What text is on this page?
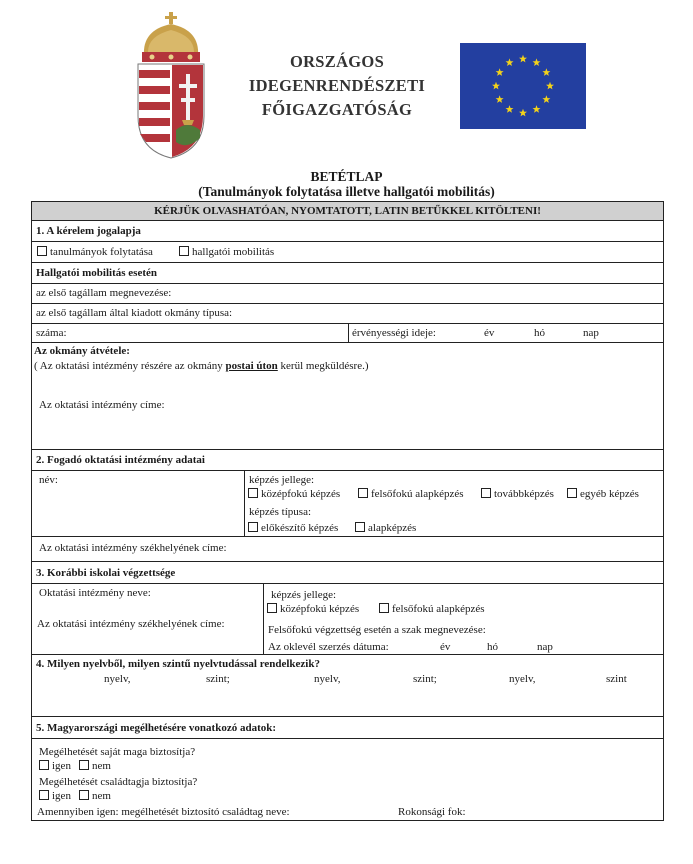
ORSZÁGOS
IDEGENRENDÉSZETI
FŐIGAZGATÓSÁG
BETÉTLAP
(Tanulmányok folytatása illetve hallgatói mobilitás)
KÉRJÜK OLVASHATÓAN, NYOMTATOTT, LATIN BETŰKKEL KITÖLTENI!
1. A kérelem jogalapja
tanulmányok folytatása	hallgatói mobilitás
Hallgatói mobilitás esetén
az első tagállam megnevezése:
az első tagállam által kiadott okmány típusa:
száma:	érvényességi ideje:	év	hó	nap
Az okmány átvétele:
( Az oktatási intézmény részére az okmány postai úton kerül megküldésre.)
Az oktatási intézmény címe:
2. Fogadó oktatási intézmény adatai
név:	képzés jellege:
középfokú képzés	felsőfokú alapképzés	továbbképzés	egyéb képzés
képzés típusa:
előkészítő képzés	alapképzés
Az oktatási intézmény székhelyének címe:
3. Korábbi iskolai végzettsége
Oktatási intézmény neve:
Az oktatási intézmény székhelyének címe:
képzés jellege:
középfokú képzés	felsőfokú alapképzés
Felsőfokú végzettség esetén a szak megnevezése:
Az oklevél szerzés dátuma:	év	hó	nap
4. Milyen nyelvből, milyen szintű nyelvtudással rendelkezik?
nyelv,	szint;	nyelv,	szint;	nyelv,	szint
5. Magyarországi megélhetésére vonatkozó adatok:
Megélhetését saját maga biztosítja?
igen	nem
Megélhetését családtagja biztosítja?
igen	nem
Amennyiben igen: megélhetését biztosító családtag neve:	Rokonsági fok:
